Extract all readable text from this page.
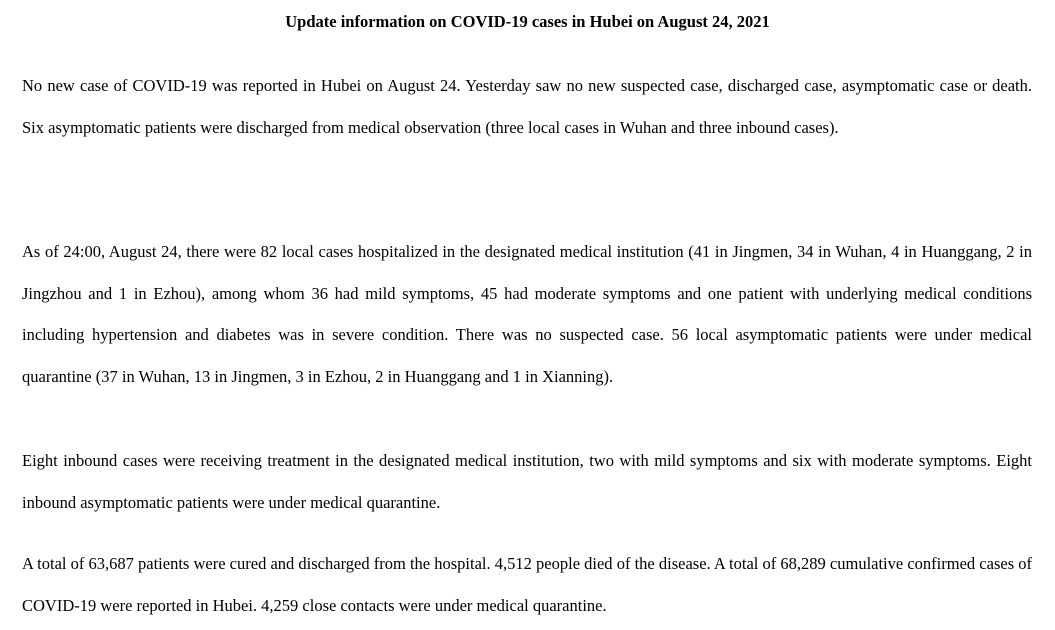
Update information on COVID-19 cases in Hubei on August 24, 2021

No new case of COVID-19 was reported in Hubei on August 24. Yesterday saw no new suspected case, discharged case, asymptomatic case or death. Six asymptomatic patients were discharged from medical observation (three local cases in Wuhan and three inbound cases).

As of 24:00, August 24, there were 82 local cases hospitalized in the designated medical institution (41 in Jingmen, 34 in Wuhan, 4 in Huanggang, 2 in Jingzhou and 1 in Ezhou), among whom 36 had mild symptoms, 45 had moderate symptoms and one patient with underlying medical conditions including hypertension and diabetes was in severe condition. There was no suspected case. 56 local asymptomatic patients were under medical quarantine (37 in Wuhan, 13 in Jingmen, 3 in Ezhou, 2 in Huanggang and 1 in Xianning).

Eight inbound cases were receiving treatment in the designated medical institution, two with mild symptoms and six with moderate symptoms. Eight inbound asymptomatic patients were under medical quarantine.

A total of 63,687 patients were cured and discharged from the hospital. 4,512 people died of the disease. A total of 68,289 cumulative confirmed cases of COVID-19 were reported in Hubei. 4,259 close contacts were under medical quarantine.
